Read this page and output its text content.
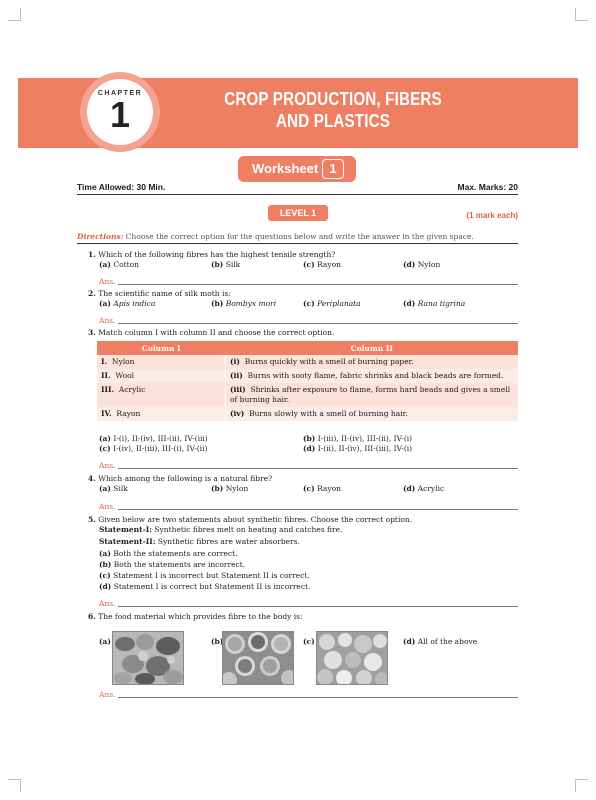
CROP PRODUCTION, FIBERS
AND PLASTICS
CHAPTER
1
Worksheet 1
Time Allowed: 30 Min.	Max. Marks: 20
LEVEL 1	(1 mark each)
Directions: Choose the correct option for the questions below and write the answer in the given space.
1. Which of the following fibres has the highest tensile strength?
(a) Cotton	(b) Silk	(c) Rayon	(d) Nylon
Ans.
2. The scientific name of silk moth is:
(a) Apis indica	(b) Bombyx mori	(c) Periplanata	(d) Rana tigrina
Ans.
3. Match column I with column II and choose the correct option.
Column I	Column II
I. Nylon	(i) Burns quickly with a smell of burning paper.
II. Wool	(ii) Burns with sooty flame, fabric shrinks and black beads are formed.
III. Acrylic	(iii) Shrinks after exposure to flame, forms hard beads and gives a smell of burning hair.
IV. Rayon	(iv) Burns slowly with a smell of burning hair.
(a) I-(i), II-(iv), III-(ii), IV-(iii)	(b) I-(iii), II-(iv), III-(ii), IV-(i)
(c) I-(iv), II-(iii), III-(i), IV-(ii)	(d) I-(ii), II-(iv), III-(iii), IV-(i)
Ans.
4. Which among the following is a natural fibre?
(a) Silk	(b) Nylon	(c) Rayon	(d) Acrylic
Ans.
5. Given below are two statements about synthetic fibres. Choose the correct option.
Statement-I: Synthetic fibres melt on heating and catches fire.
Statement-II: Synthetic fibres are water absorbers.
(a) Both the statements are correct.
(b) Both the statements are incorrect.
(c) Statement I is incorrect but Statement II is correct.
(d) Statement I is correct but Statement II is incorrect.
Ans.
6. The food material which provides fibre to the body is:
(a)	(b)	(c)	(d) All of the above
Ans.
